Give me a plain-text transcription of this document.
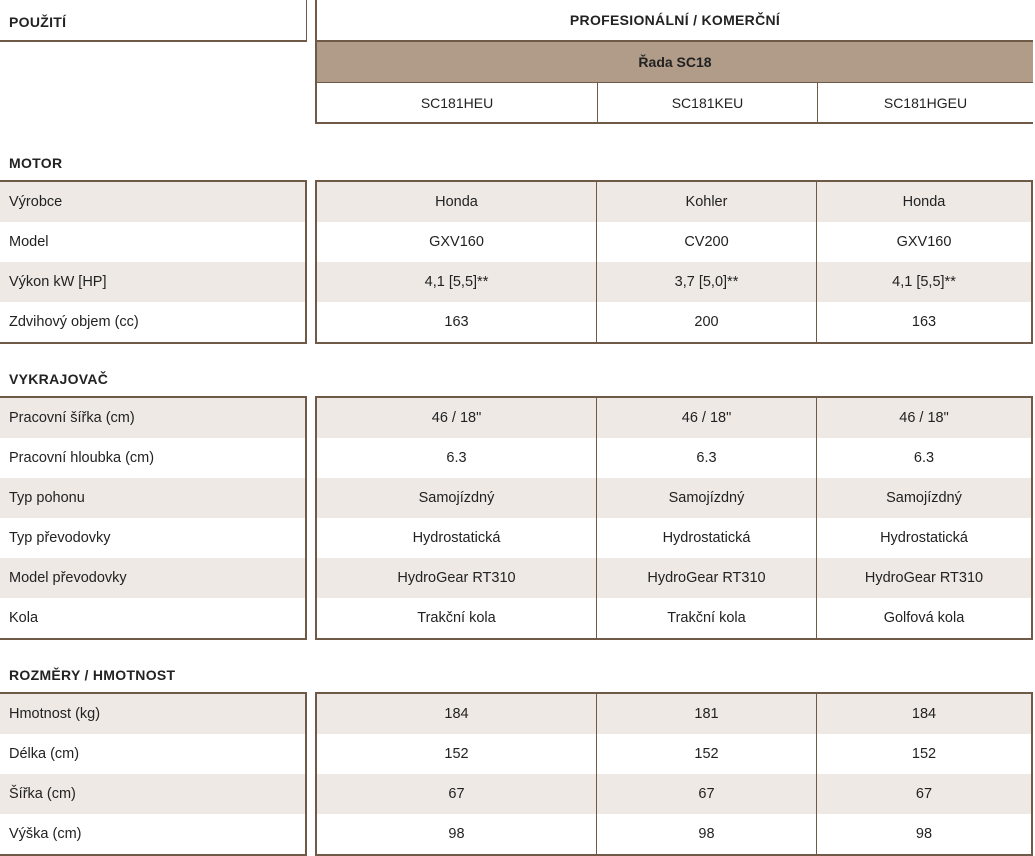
POUŽITÍ	PROFESIONÁLNÍ / KOMERČNÍ
Řada SC18
SC181HEU	SC181KEU	SC181HGEU
MOTOR
Výrobce	Honda	Kohler	Honda
Model	GXV160	CV200	GXV160
Výkon kW [HP]	4,1 [5,5]**	3,7 [5,0]**	4,1 [5,5]**
Zdvihový objem (cc)	163	200	163
VYKRAJOVAČ
Pracovní šířka (cm)	46 / 18"	46 / 18"	46 / 18"
Pracovní hloubka (cm)	6.3	6.3	6.3
Typ pohonu	Samojízdný	Samojízdný	Samojízdný
Typ převodovky	Hydrostatická	Hydrostatická	Hydrostatická
Model převodovky	HydroGear RT310	HydroGear RT310	HydroGear RT310
Kola	Trakční kola	Trakční kola	Golfová kola
ROZMĚRY / HMOTNOST
Hmotnost (kg)	184	181	184
Délka (cm)	152	152	152
Šířka (cm)	67	67	67
Výška (cm)	98	98	98
